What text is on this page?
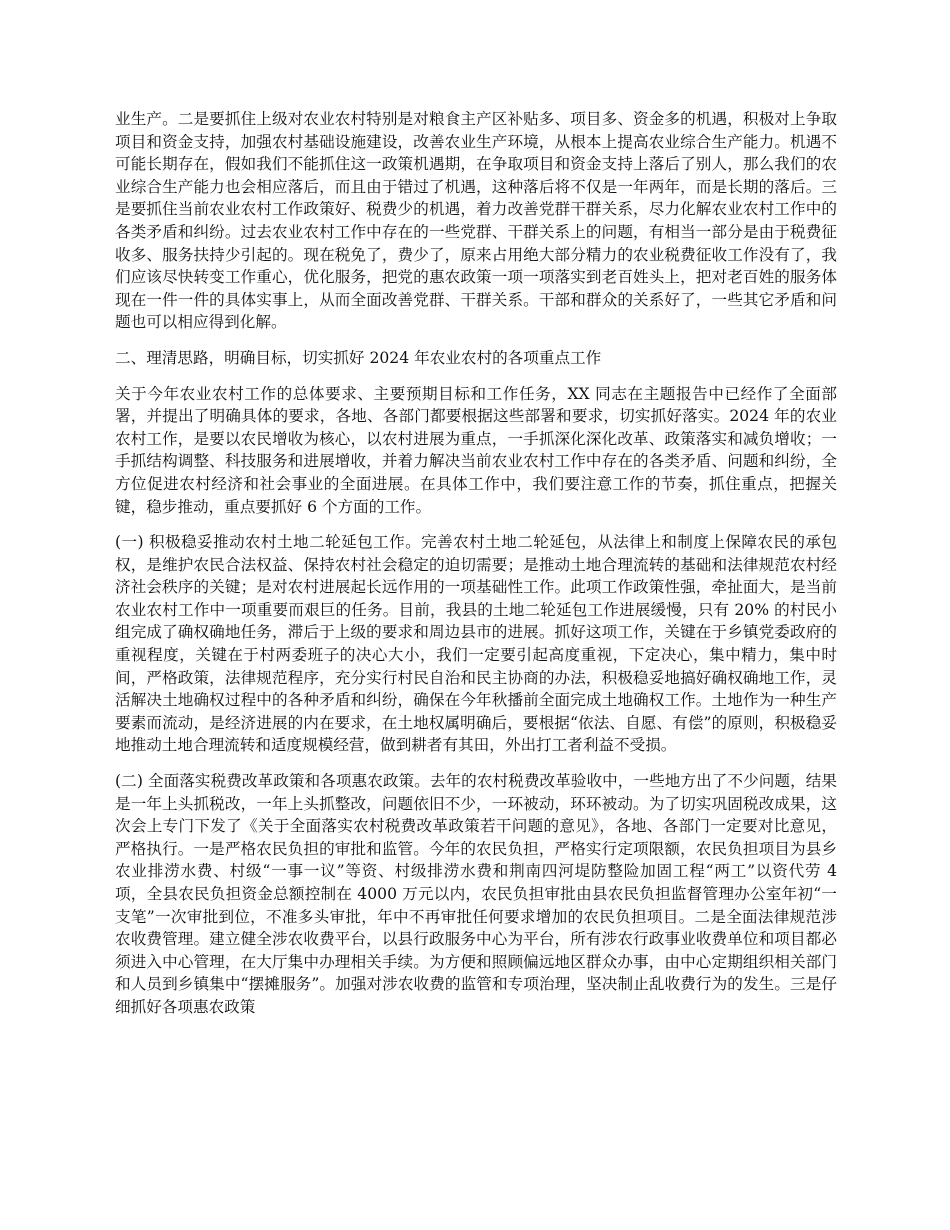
业生产。二是要抓住上级对农业农村特别是对粮食主产区补贴多、项目多、资金多的机遇，积极对上争取项目和资金支持，加强农村基础设施建设，改善农业生产环境，从根本上提高农业综合生产能力。机遇不可能长期存在，假如我们不能抓住这一政策机遇期，在争取项目和资金支持上落后了别人，那么我们的农业综合生产能力也会相应落后，而且由于错过了机遇，这种落后将不仅是一年两年，而是长期的落后。三是要抓住当前农业农村工作政策好、税费少的机遇，着力改善党群干群关系，尽力化解农业农村工作中的各类矛盾和纠纷。过去农业农村工作中存在的一些党群、干群关系上的问题，有相当一部分是由于税费征收多、服务扶持少引起的。现在税免了，费少了，原来占用绝大部分精力的农业税费征收工作没有了，我们应该尽快转变工作重心，优化服务，把党的惠农政策一项一项落实到老百姓头上，把对老百姓的服务体现在一件一件的具体实事上，从而全面改善党群、干群关系。干部和群众的关系好了，一些其它矛盾和问题也可以相应得到化解。

二、理清思路，明确目标，切实抓好 2024 年农业农村的各项重点工作

关于今年农业农村工作的总体要求、主要预期目标和工作任务，XX 同志在主题报告中已经作了全面部署，并提出了明确具体的要求，各地、各部门都要根据这些部署和要求，切实抓好落实。2024 年的农业农村工作，是要以农民增收为核心，以农村进展为重点，一手抓深化深化改革、政策落实和减负增收；一手抓结构调整、科技服务和进展增收，并着力解决当前农业农村工作中存在的各类矛盾、问题和纠纷，全方位促进农村经济和社会事业的全面进展。在具体工作中，我们要注意工作的节奏，抓住重点，把握关键，稳步推动，重点要抓好 6 个方面的工作。

(一) 积极稳妥推动农村土地二轮延包工作。完善农村土地二轮延包，从法律上和制度上保障农民的承包权，是维护农民合法权益、保持农村社会稳定的迫切需要；是推动土地合理流转的基础和法律规范农村经济社会秩序的关键；是对农村进展起长远作用的一项基础性工作。此项工作政策性强，牵扯面大，是当前农业农村工作中一项重要而艰巨的任务。目前，我县的土地二轮延包工作进展缓慢，只有 20% 的村民小组完成了确权确地任务，滞后于上级的要求和周边县市的进展。抓好这项工作，关键在于乡镇党委政府的重视程度，关键在于村两委班子的决心大小，我们一定要引起高度重视，下定决心，集中精力，集中时间，严格政策，法律规范程序，充分实行村民自治和民主协商的办法，积极稳妥地搞好确权确地工作，灵活解决土地确权过程中的各种矛盾和纠纷，确保在今年秋播前全面完成土地确权工作。土地作为一种生产要素而流动，是经济进展的内在要求，在土地权属明确后，要根据“依法、自愿、有偿”的原则，积极稳妥地推动土地合理流转和适度规模经营，做到耕者有其田，外出打工者利益不受损。

(二) 全面落实税费改革政策和各项惠农政策。去年的农村税费改革验收中，一些地方出了不少问题，结果是一年上头抓税改，一年上头抓整改，问题依旧不少，一环被动，环环被动。为了切实巩固税改成果，这次会上专门下发了《关于全面落实农村税费改革政策若干问题的意见》，各地、各部门一定要对比意见，严格执行。一是严格农民负担的审批和监管。今年的农民负担，严格实行定项限额，农民负担项目为县乡农业排涝水费、村级“一事一议”等资、村级排涝水费和荆南四河堤防整险加固工程“两工”以资代劳 4 项，全县农民负担资金总额控制在 4000 万元以内，农民负担审批由县农民负担监督管理办公室年初“一支笔”一次审批到位，不准多头审批，年中不再审批任何要求增加的农民负担项目。二是全面法律规范涉农收费管理。建立健全涉农收费平台，以县行政服务中心为平台，所有涉农行政事业收费单位和项目都必须进入中心管理，在大厅集中办理相关手续。为方便和照顾偏远地区群众办事，由中心定期组织相关部门和人员到乡镇集中“摆摊服务”。加强对涉农收费的监管和专项治理，坚决制止乱收费行为的发生。三是仔细抓好各项惠农政策
